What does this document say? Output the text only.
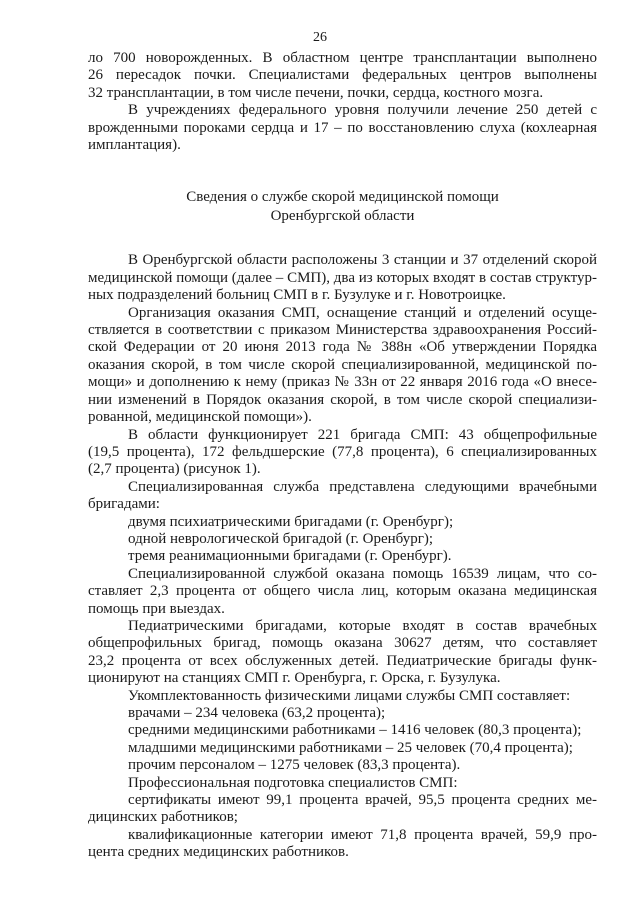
26
ло 700 новорожденных. В областном центре трансплантации выполнено
26 пересадок почки. Специалистами федеральных центров выполнены
32 трансплантации, в том числе печени, почки, сердца, костного мозга.
В учреждениях федерального уровня получили лечение 250 детей с
врожденными пороками сердца и 17 – по восстановлению слуха (кохлеарная
имплантация).
Сведения о службе скорой медицинской помощи
Оренбургской области
В Оренбургской области расположены 3 станции и 37 отделений скорой
медицинской помощи (далее – СМП), два из которых входят в состав структур-
ных подразделений больниц СМП в г. Бузулуке и г. Новотроицке.
Организация оказания СМП, оснащение станций и отделений осуще-
ствляется в соответствии с приказом Министерства здравоохранения Россий-
ской Федерации от 20 июня 2013 года № 388н «Об утверждении Порядка
оказания скорой, в том числе скорой специализированной, медицинской по-
мощи» и дополнению к нему (приказ № 33н от 22 января 2016 года «О внесе-
нии изменений в Порядок оказания скорой, в том числе скорой специализи-
рованной, медицинской помощи»).
В области функционирует 221 бригада СМП: 43 общепрофильные
(19,5 процента), 172 фельдшерские (77,8 процента), 6 специализированных
(2,7 процента) (рисунок 1).
Специализированная служба представлена следующими врачебными
бригадами:
двумя психиатрическими бригадами (г. Оренбург);
одной неврологической бригадой (г. Оренбург);
тремя реанимационными бригадами (г. Оренбург).
Специализированной службой оказана помощь 16539 лицам, что со-
ставляет 2,3 процента от общего числа лиц, которым оказана медицинская
помощь при выездах.
Педиатрическими бригадами, которые входят в состав врачебных
общепрофильных бригад, помощь оказана 30627 детям, что составляет
23,2 процента от всех обслуженных детей. Педиатрические бригады функ-
ционируют на станциях СМП г. Оренбурга, г. Орска, г. Бузулука.
Укомплектованность физическими лицами службы СМП составляет:
врачами – 234 человека (63,2 процента);
средними медицинскими работниками – 1416 человек (80,3 процента);
младшими медицинскими работниками – 25 человек (70,4 процента);
прочим персоналом – 1275 человек (83,3 процента).
Профессиональная подготовка специалистов СМП:
сертификаты имеют 99,1 процента врачей, 95,5 процента средних ме-
дицинских работников;
квалификационные категории имеют 71,8 процента врачей, 59,9 про-
цента средних медицинских работников.
